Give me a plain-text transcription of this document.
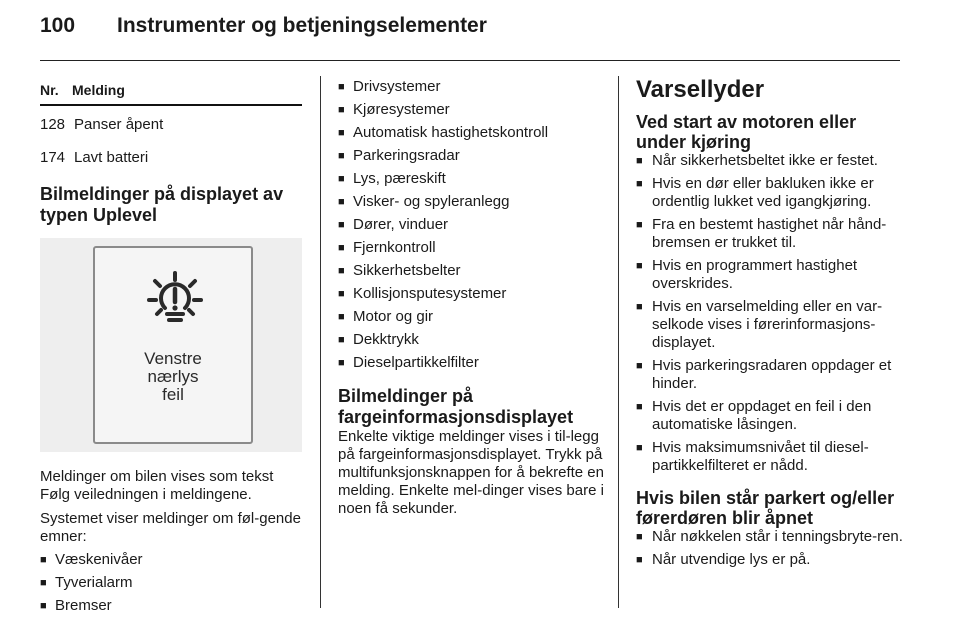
100	Instrumenter og betjeningselementer
Nr. Melding
128 Panser åpent
174 Lavt batteri
Bilmeldinger på displayet av typen Uplevel
Venstre
nærlys
feil
Meldinger om bilen vises som tekst Følg veiledningen i meldingene.
Systemet viser meldinger om føl-gende emner:
■ Væskenivåer
■ Tyverialarm
■ Bremser
■ Drivsystemer
■ Kjøresystemer
■ Automatisk hastighetskontroll
■ Parkeringsradar
■ Lys, pæreskift
■ Visker- og spyleranlegg
■ Dører, vinduer
■ Fjernkontroll
■ Sikkerhetsbelter
■ Kollisjonsputesystemer
■ Motor og gir
■ Dekktrykk
■ Dieselpartikkelfilter
Bilmeldinger på fargeinformasjonsdisplayet
Enkelte viktige meldinger vises i til-legg på fargeinformasjonsdisplayet. Trykk på multifunksjonsknappen for å bekrefte en melding. Enkelte mel-dinger vises bare i noen få sekunder.
Varsellyder
Ved start av motoren eller under kjøring
■ Når sikkerhetsbeltet ikke er festet.
■ Hvis en dør eller bakluken ikke er ordentlig lukket ved igangkjøring.
■ Fra en bestemt hastighet når hånd-bremsen er trukket til.
■ Hvis en programmert hastighet overskrides.
■ Hvis en varselmelding eller en var-selkode vises i førerinformasjons-displayet.
■ Hvis parkeringsradaren oppdager et hinder.
■ Hvis det er oppdaget en feil i den automatiske låsingen.
■ Hvis maksimumsnivået til diesel-partikkelfilteret er nådd.
Hvis bilen står parkert og/eller førerdøren blir åpnet
■ Når nøkkelen står i tenningsbryte-ren.
■ Når utvendige lys er på.
